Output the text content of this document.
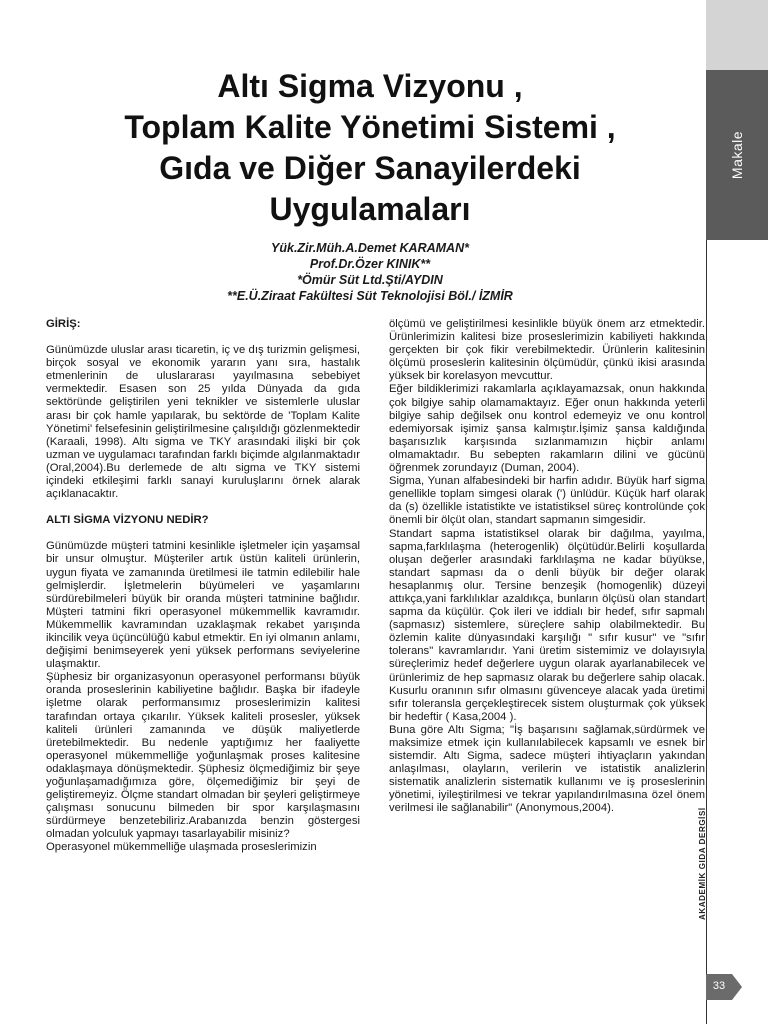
Makale
AKADEMİK GIDA DERGİSİ
33
Altı Sigma Vizyonu ,
Toplam Kalite Yönetimi Sistemi ,
Gıda ve Diğer Sanayilerdeki
Uygulamaları
Yük.Zir.Müh.A.Demet KARAMAN*
Prof.Dr.Özer KINIK**
*Ömür Süt Ltd.Şti/AYDIN
**E.Ü.Ziraat Fakültesi Süt Teknolojisi Böl./ İZMİR

GİRİŞ:

Günümüzde uluslar arası ticaretin, iç ve dış turizmin gelişmesi, birçok sosyal ve ekonomik yararın yanı sıra, hastalık etmenlerinin de uluslararası yayılmasına sebebiyet vermektedir. Esasen son 25 yılda Dünyada da gıda sektöründe geliştirilen yeni teknikler ve sistemlerle uluslar arası bir çok hamle yapılarak, bu sektörde de 'Toplam Kalite Yönetimi' felsefesinin geliştirilmesine çalışıldığı gözlenmektedir (Karaali, 1998). Altı sigma ve TKY arasındaki ilişki bir çok uzman ve uygulamacı tarafından farklı biçimde algılanmaktadır (Oral,2004).Bu derlemede de altı sigma ve TKY sistemi içindeki etkileşimi farklı sanayi kuruluşlarını örnek alarak açıklanacaktır.

ALTI SİGMA VİZYONU NEDİR?

Günümüzde müşteri tatmini kesinlikle işletmeler için yaşamsal bir unsur olmuştur. Müşteriler artık üstün kaliteli ürünlerin, uygun fiyata ve zamanında üretilmesi ile tatmin edilebilir hale gelmişlerdir. İşletmelerin büyümeleri ve yaşamlarını sürdürebilmeleri büyük bir oranda müşteri tatminine bağlıdır. Müşteri tatmini fikri operasyonel mükemmellik kavramıdır. Mükemmellik kavramından uzaklaşmak rekabet yarışında ikincilik veya üçüncülüğü kabul etmektir. En iyi olmanın anlamı, değişimi benimseyerek yeni yüksek performans seviyelerine ulaşmaktır.

Şüphesiz bir organizasyonun operasyonel performansı büyük oranda proseslerinin kabiliyetine bağlıdır. Başka bir ifadeyle işletme olarak performansımız proseslerimizin kalitesi tarafından ortaya çıkarılır. Yüksek kaliteli prosesler, yüksek kaliteli ürünleri zamanında ve düşük maliyetlerde üretebilmektedir. Bu nedenle yaptığımız her faaliyette operasyonel mükemmelliğe yoğunlaşmak proses kalitesine odaklaşmaya dönüşmektedir. Şüphesiz ölçmediğimiz bir şeye yoğunlaşamadığımıza göre, ölçemediğimiz bir şeyi de geliştiremeyiz. Ölçme standart olmadan bir şeyleri geliştirmeye çalışması sonucunu bilmeden bir spor karşılaşmasını sürdürmeye benzetebiliriz.Arabanızda benzin göstergesi olmadan yolculuk yapmayı tasarlayabilir misiniz?

Operasyonel mükemmelliğe ulaşmada proseslerimizin

ölçümü ve geliştirilmesi kesinlikle büyük önem arz etmektedir. Ürünlerimizin kalitesi bize proseslerimizin kabiliyeti hakkında gerçekten bir çok fikir verebilmektedir. Ürünlerin kalitesinin ölçümü proseslerin kalitesinin ölçümüdür, çünkü ikisi arasında yüksek bir korelasyon mevcuttur.

Eğer bildiklerimizi rakamlarla açıklayamazsak, onun hakkında çok bilgiye sahip olamamaktayız. Eğer onun hakkında yeterli bilgiye sahip değilsek onu kontrol edemeyiz ve onu kontrol edemiyorsak işimiz şansa kalmıştır.İşimiz şansa kaldığında başarısızlık karşısında sızlanmamızın hiçbir anlamı olmamaktadır. Bu sebepten rakamların dilini ve gücünü öğrenmek zorundayız (Duman, 2004).

Sigma, Yunan alfabesindeki bir harfin adıdır. Büyük harf sigma genellikle toplam simgesi olarak (') ünlüdür. Küçük harf olarak da (s) özellikle istatistikte ve istatistiksel süreç kontrolünde çok önemli bir ölçüt olan, standart sapmanın simgesidir.

Standart sapma istatistiksel olarak bir dağılma, yayılma, sapma,farklılaşma (heterogenlik) ölçütüdür.Belirli koşullarda oluşan değerler arasındaki farklılaşma ne kadar büyükse, standart sapması da o denli büyük bir değer olarak hesaplanmış olur. Tersine benzeşik (homogenlik) düzeyi attıkça,yani farklılıklar azaldıkça, bunların ölçüsü olan standart sapma da küçülür. Çok ileri ve iddialı bir hedef, sıfır sapmalı (sapmasız) sistemlere, süreçlere sahip olabilmektedir. Bu özlemin kalite dünyasındaki karşılığı " sıfır kusur" ve "sıfır tolerans" kavramlarıdır. Yani üretim sistemimiz ve dolayısıyla süreçlerimiz hedef değerlere uygun olarak ayarlanabilecek ve ürünlerimiz de hep sapmasız olarak bu değerlere sahip olacak. Kusurlu oranının sıfır olmasını güvenceye alacak yada üretimi sıfır toleransla gerçekleştirecek sistem oluşturmak çok yüksek bir hedeftir ( Kasa,2004 ).

Buna göre Altı Sigma; "İş başarısını sağlamak,sürdürmek ve maksimize etmek için kullanılabilecek kapsamlı ve esnek bir sistemdir. Altı Sigma, sadece müşteri ihtiyaçların yakından anlaşılması, olayların, verilerin ve istatistik analizlerin sistematik analizlerin sistematik kullanımı ve iş proseslerinin yönetimi, iyileştirilmesi ve tekrar yapılandırılmasına özel önem verilmesi ile sağlanabilir" (Anonymous,2004).
